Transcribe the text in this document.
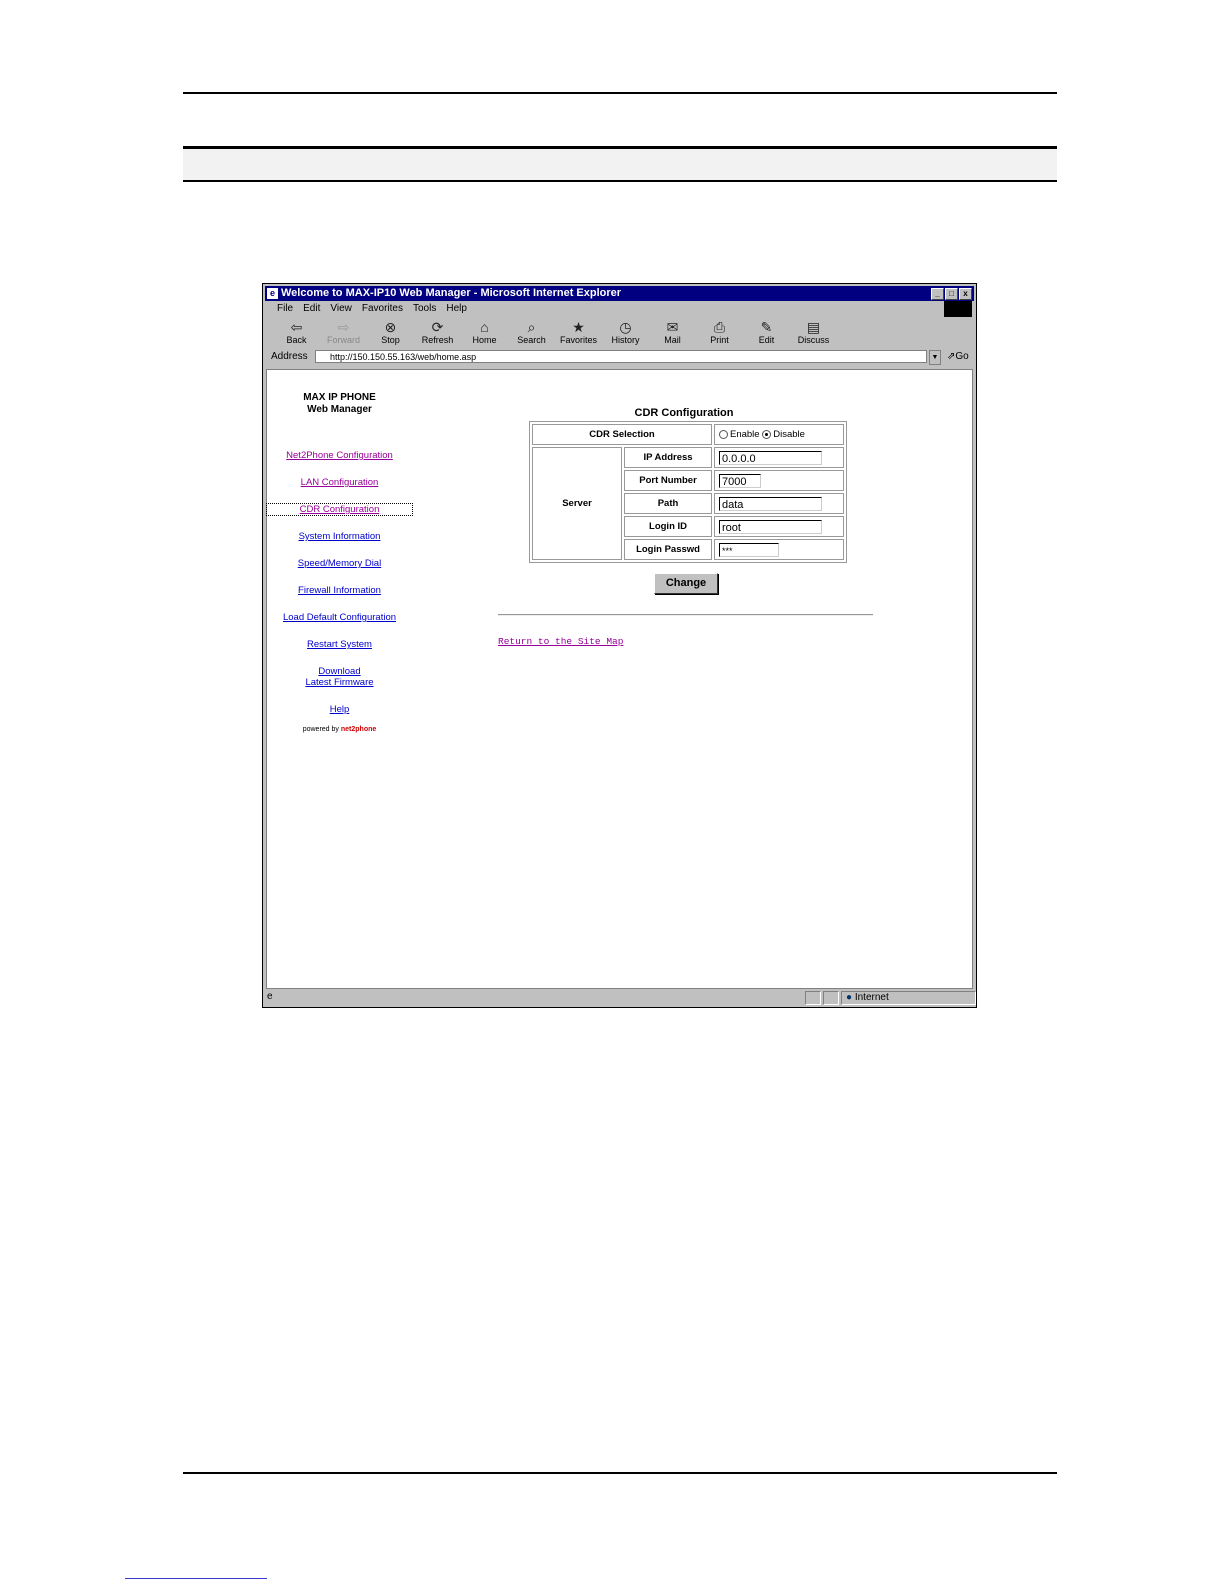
e Welcome to MAX-IP10 Web Manager - Microsoft Internet Explorer	_	□	x
File Edit View Favorites Tools Help
⇦
Back
⇨
Forward
⊗
Stop
⟳
Refresh
⌂
Home
⌕
Search
★
Favorites
◷
History
✉
Mail
⎙
Print
✎
Edit
▤
Discuss
Address	http://150.150.55.163/web/home.asp	▼ ⇗Go
MAX IP PHONE
Web Manager
Net2Phone Configuration
LAN Configuration
CDR Configuration
System Information
Speed/Memory Dial
Firewall Information
Load Default Configuration
Restart System
Download
Latest Firmware
Help
powered by net2phone
CDR Configuration
CDR Selection		Enable Disable
Server	IP Address	0.0.0.0
	Port Number	7000
	Path	data
	Login ID	root
	Login Passwd	***
Change
Return to the Site Map
e	● Internet
